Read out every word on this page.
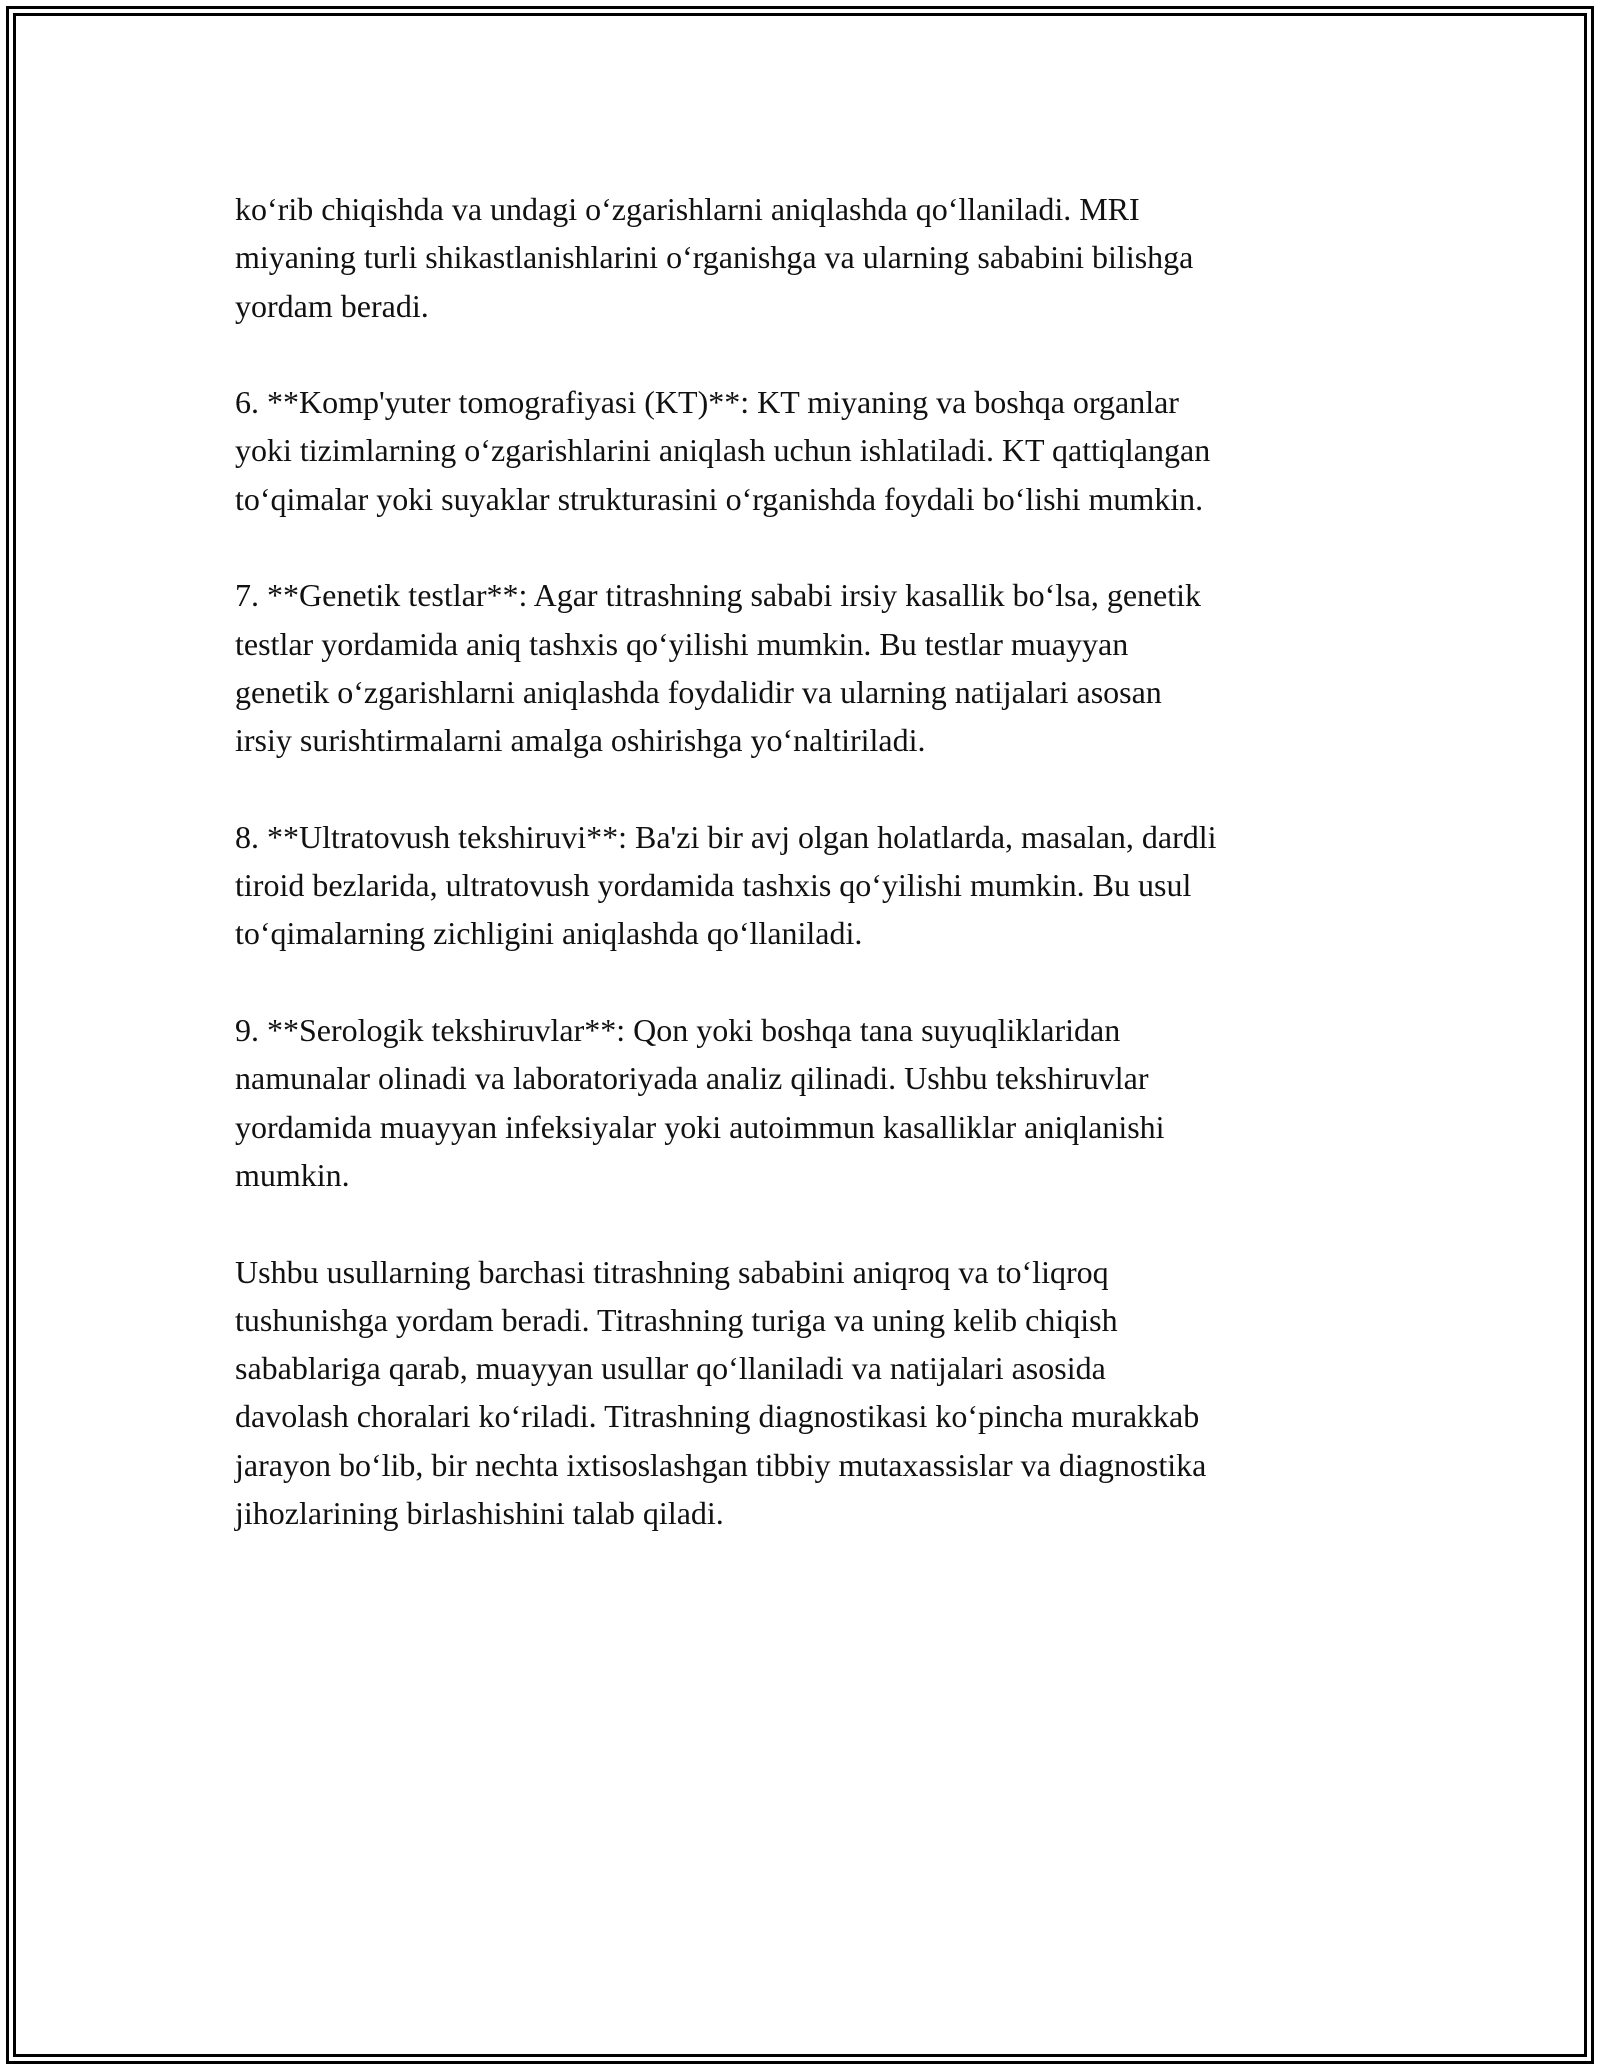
ko‘rib chiqishda va undagi o‘zgarishlarni aniqlashda qo‘llaniladi. MRI
miyaning turli shikastlanishlarini o‘rganishga va ularning sababini bilishga
yordam beradi.

6. **Komp'yuter tomografiyasi (KT)**: KT miyaning va boshqa organlar
yoki tizimlarning o‘zgarishlarini aniqlash uchun ishlatiladi. KT qattiqlangan
to‘qimalar yoki suyaklar strukturasini o‘rganishda foydali bo‘lishi mumkin.

7. **Genetik testlar**: Agar titrashning sababi irsiy kasallik bo‘lsa, genetik
testlar yordamida aniq tashxis qo‘yilishi mumkin. Bu testlar muayyan
genetik o‘zgarishlarni aniqlashda foydalidir va ularning natijalari asosan
irsiy surishtirmalarni amalga oshirishga yo‘naltiriladi.

8. **Ultratovush tekshiruvi**: Ba'zi bir avj olgan holatlarda, masalan, dardli
tiroid bezlarida, ultratovush yordamida tashxis qo‘yilishi mumkin. Bu usul
to‘qimalarning zichligini aniqlashda qo‘llaniladi.

9. **Serologik tekshiruvlar**: Qon yoki boshqa tana suyuqliklaridan
namunalar olinadi va laboratoriyada analiz qilinadi. Ushbu tekshiruvlar
yordamida muayyan infeksiyalar yoki autoimmun kasalliklar aniqlanishi
mumkin.

Ushbu usullarning barchasi titrashning sababini aniqroq va to‘liqroq
tushunishga yordam beradi. Titrashning turiga va uning kelib chiqish
sabablariga qarab, muayyan usullar qo‘llaniladi va natijalari asosida
davolash choralari ko‘riladi. Titrashning diagnostikasi ko‘pincha murakkab
jarayon bo‘lib, bir nechta ixtisoslashgan tibbiy mutaxassislar va diagnostika
jihozlarining birlashishini talab qiladi.
